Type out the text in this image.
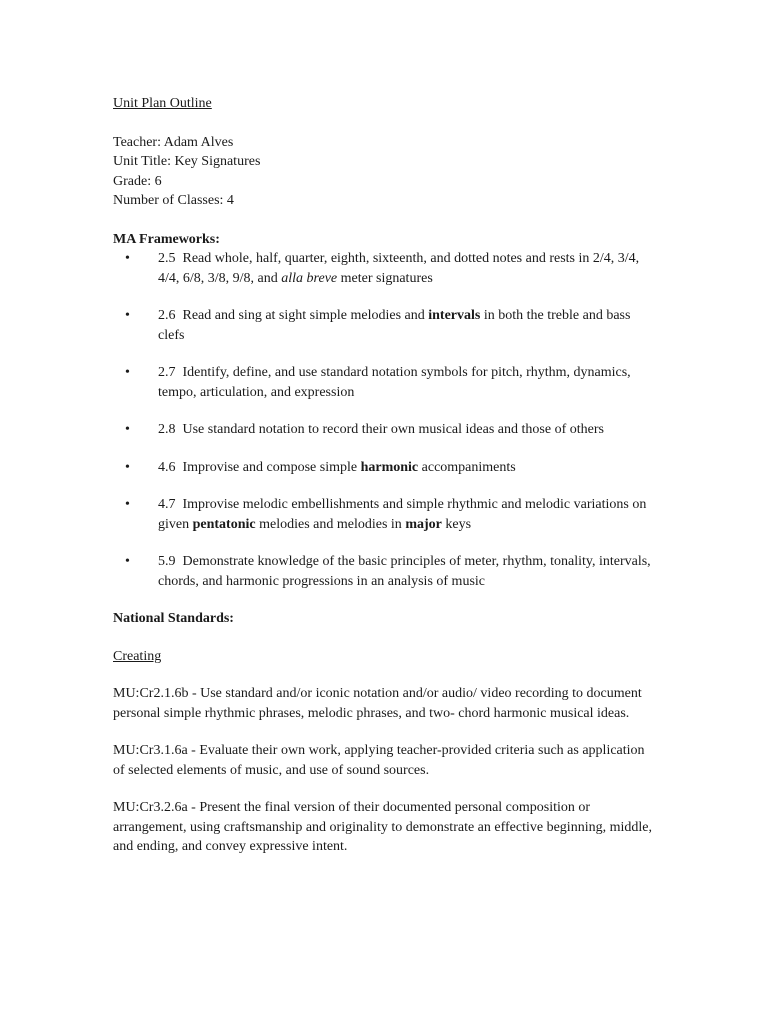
Unit Plan Outline
Teacher: Adam Alves
Unit Title: Key Signatures
Grade: 6
Number of Classes: 4
MA Frameworks:
• 2.5 Read whole, half, quarter, eighth, sixteenth, and dotted notes and rests in 2/4, 3/4, 4/4, 6/8, 3/8, 9/8, and alla breve meter signatures
• 2.6 Read and sing at sight simple melodies and intervals in both the treble and bass clefs
• 2.7 Identify, define, and use standard notation symbols for pitch, rhythm, dynamics, tempo, articulation, and expression
• 2.8 Use standard notation to record their own musical ideas and those of others
• 4.6 Improvise and compose simple harmonic accompaniments
• 4.7 Improvise melodic embellishments and simple rhythmic and melodic variations on given pentatonic melodies and melodies in major keys
• 5.9 Demonstrate knowledge of the basic principles of meter, rhythm, tonality, intervals, chords, and harmonic progressions in an analysis of music
National Standards:
Creating
MU:Cr2.1.6b - Use standard and/or iconic notation and/or audio/ video recording to document personal simple rhythmic phrases, melodic phrases, and two- chord harmonic musical ideas.
MU:Cr3.1.6a - Evaluate their own work, applying teacher-provided criteria such as application of selected elements of music, and use of sound sources.
MU:Cr3.2.6a - Present the final version of their documented personal composition or arrangement, using craftsmanship and originality to demonstrate an effective beginning, middle, and ending, and convey expressive intent.
